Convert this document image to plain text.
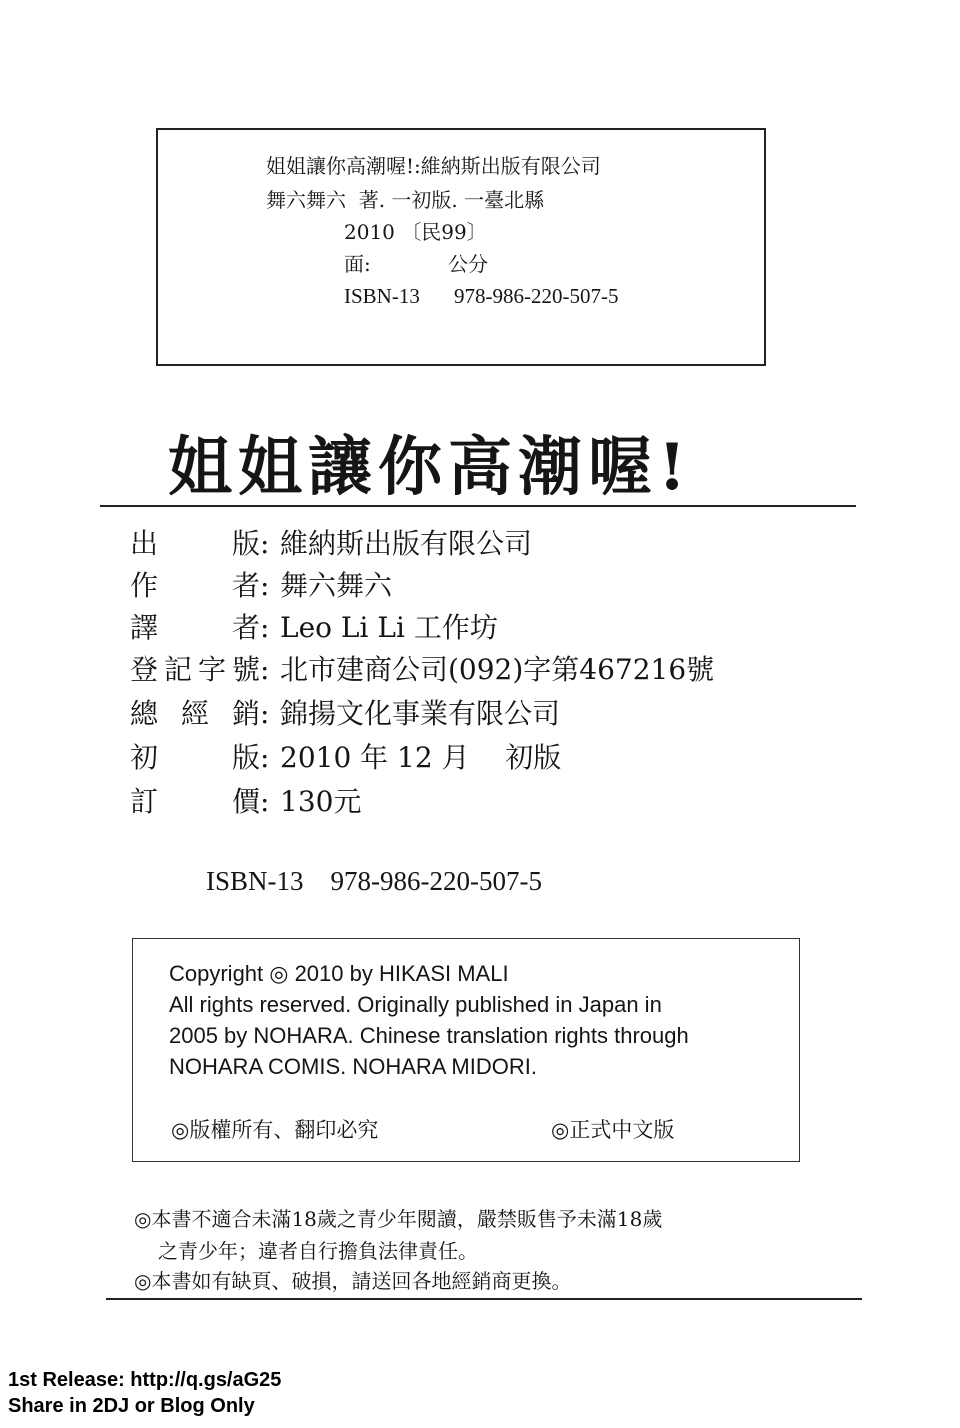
姐姐讓你高潮喔!:維納斯出版有限公司
舞六舞六  著. 一初版. 一臺北縣
2010 〔民99〕
面:	公分
ISBN-13 978-986-220-507-5
姐姐讓你高潮喔!
出版 : 維納斯出版有限公司
作者 : 舞六舞六
譯者 : Leo Li Li 工作坊
登記字號 : 北市建商公司(092)字第467216號
總經銷 : 錦揚文化事業有限公司
初版 : 2010 年 12 月    初版
訂價 : 130元
ISBN-13 978-986-220-507-5
Copyright ◎ 2010 by HIKASI MALI
All rights reserved. Originally published in Japan in
2005 by NOHARA. Chinese translation rights through
NOHARA COMIS. NOHARA MIDORI.
◎版權所有、翻印必究	◎正式中文版
◎本書不適合未滿18歲之青少年閱讀，嚴禁販售予未滿18歲
之青少年；違者自行擔負法律責任。
◎本書如有缺頁、破損，請送回各地經銷商更換。
1st Release: http://q.gs/aG25
Share in 2DJ or Blog Only
